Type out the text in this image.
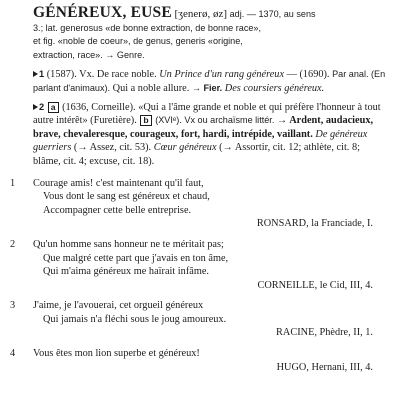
GÉNÉREUX, EUSE [ʒenerø, øz] adj. — 1370, au sens
3.; lat. generosus «de bonne extraction, de bonne race»,
et fig. «noble de coeur», de genus, generis «origine,
extraction, race». → Genre.
1 (1587). Vx. De race noble. Un Prince d'un rang généreux — (1690). Par anal. (En parlant d'animaux). Qui a noble allure. → Fier. Des coursiers généreux.
2 a (1636, Corneille). «Qui a l'âme grande et noble et qui préfère l'honneur à tout autre intérêt» (Furetière). b (XVIᵉ). Vx ou archaïsme littér. → Ardent, audacieux, brave, chevaleresque, courageux, fort, hardi, intrépide, vaillant. De généreux guerriers (→ Assez, cit. 53). Cœur généreux (→ Assortir, cit. 12; athlète, cit. 8; blâme, cit. 4; excuse, cit. 18).
1 Courage amis! c'est maintenant qu'il faut,
Vous dont le sang est généreux et chaud,
Accompagner cette belle entreprise.
RONSARD, la Franciade, I.
2 Qu'un homme sans honneur ne te méritait pas;
Que malgré cette part que j'avais en ton âme,
Qui m'aima généreux me haïrait infâme.
CORNEILLE, le Cid, III, 4.
3 J'aime, je l'avouerai, cet orgueil généreux
Qui jamais n'a fléchi sous le joug amoureux.
RACINE, Phèdre, II, 1.
4 Vous êtes mon lion superbe et généreux!
HUGO, Hernani, III, 4.
